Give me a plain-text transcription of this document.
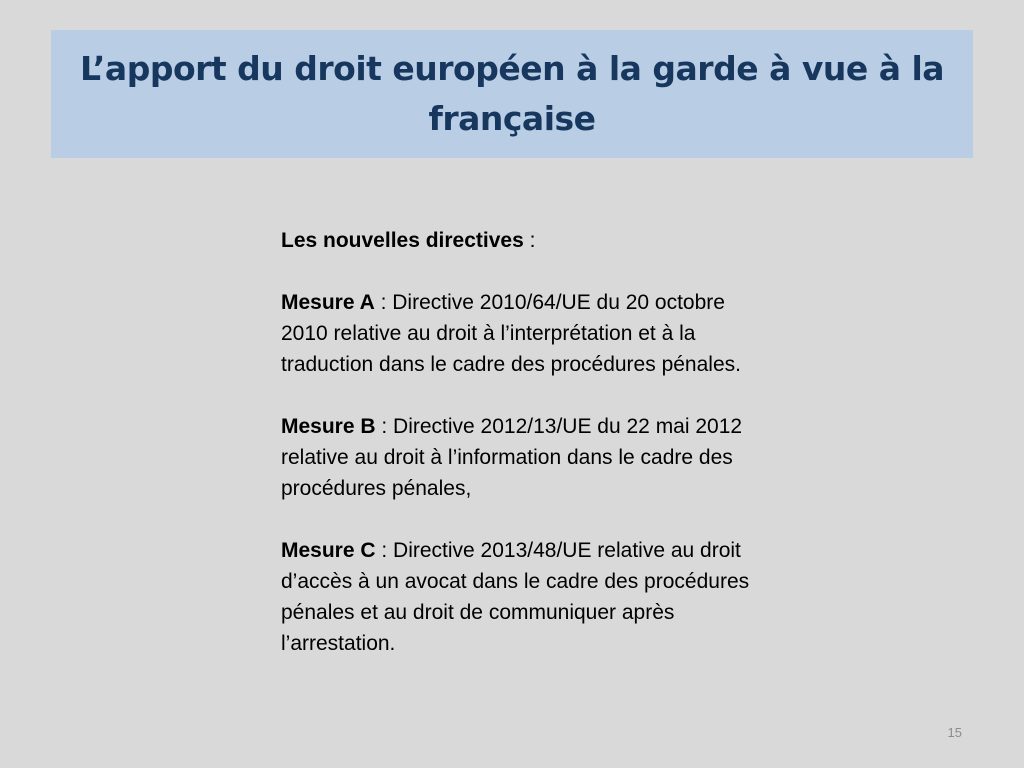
L’apport du droit européen à la garde à vue à la française

Les nouvelles directives :

Mesure A : Directive 2010/64/UE du 20 octobre 2010 relative au droit à l’interprétation et à la traduction dans le cadre des procédures pénales.

Mesure B : Directive 2012/13/UE du 22 mai 2012 relative au droit à l’information dans le cadre des procédures pénales,

Mesure C : Directive 2013/48/UE relative au droit d’accès à un avocat dans le cadre des procédures pénales et au droit de communiquer après l’arrestation.

15
